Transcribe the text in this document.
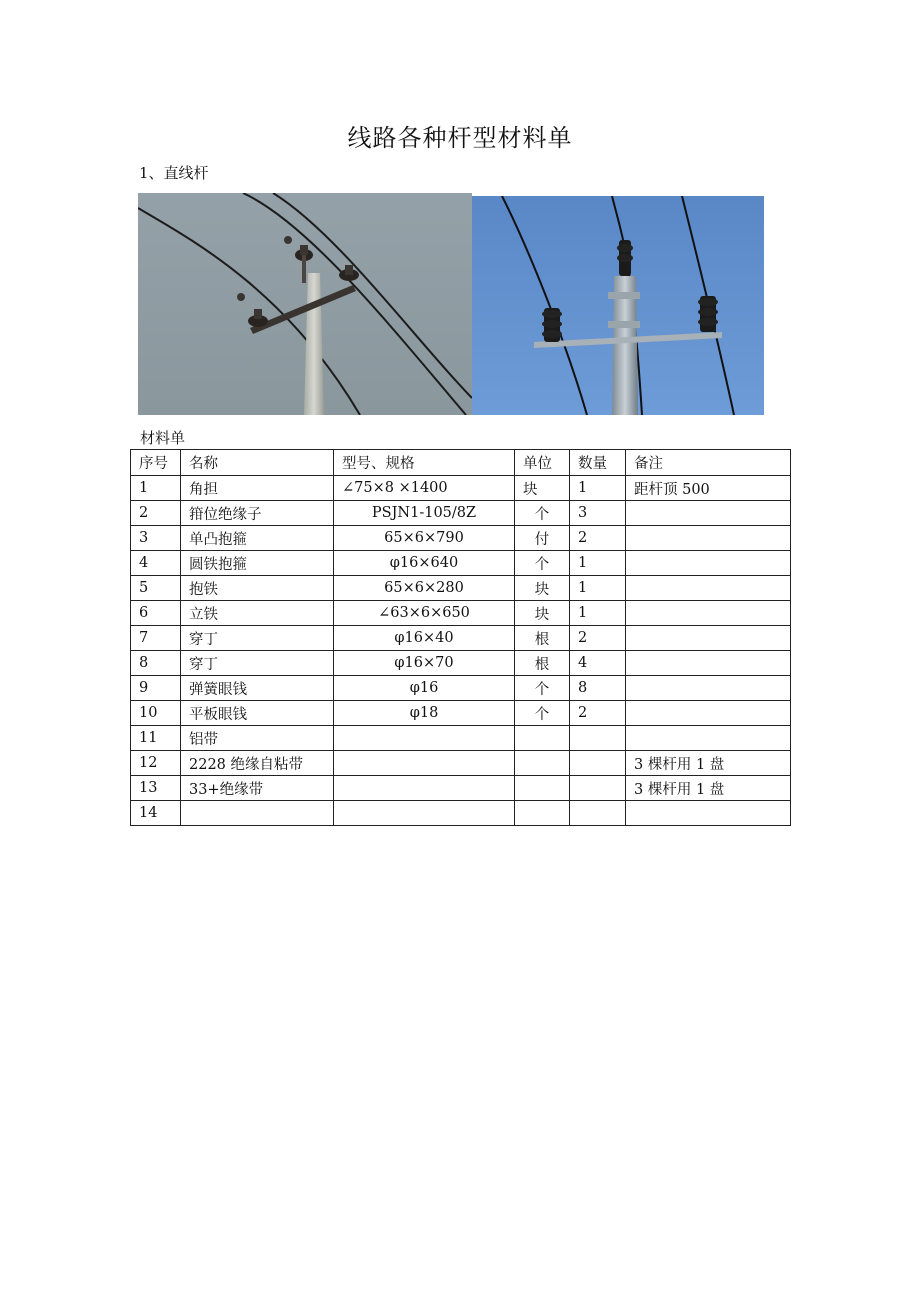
线路各种杆型材料单
1、直线杆
材料单
序号	名称	型号、规格	单位	数量	备注
1	角担	∠75×8 ×1400	块	1	距杆顶 500
2	箝位绝缘子	PSJN1-105/8Z	个	3	
3	单凸抱箍	65×6×790	付	2	
4	圆铁抱箍	φ16×640	个	1	
5	抱铁	65×6×280	块	1	
6	立铁	∠63×6×650	块	1	
7	穿丁	φ16×40	根	2	
8	穿丁	φ16×70	根	4	
9	弹簧眼钱	φ16	个	8	
10	平板眼钱	φ18	个	2	
11	铝带				
12	2228 绝缘自粘带				3 棵杆用 1 盘
13	33+绝缘带				3 棵杆用 1 盘
14					
